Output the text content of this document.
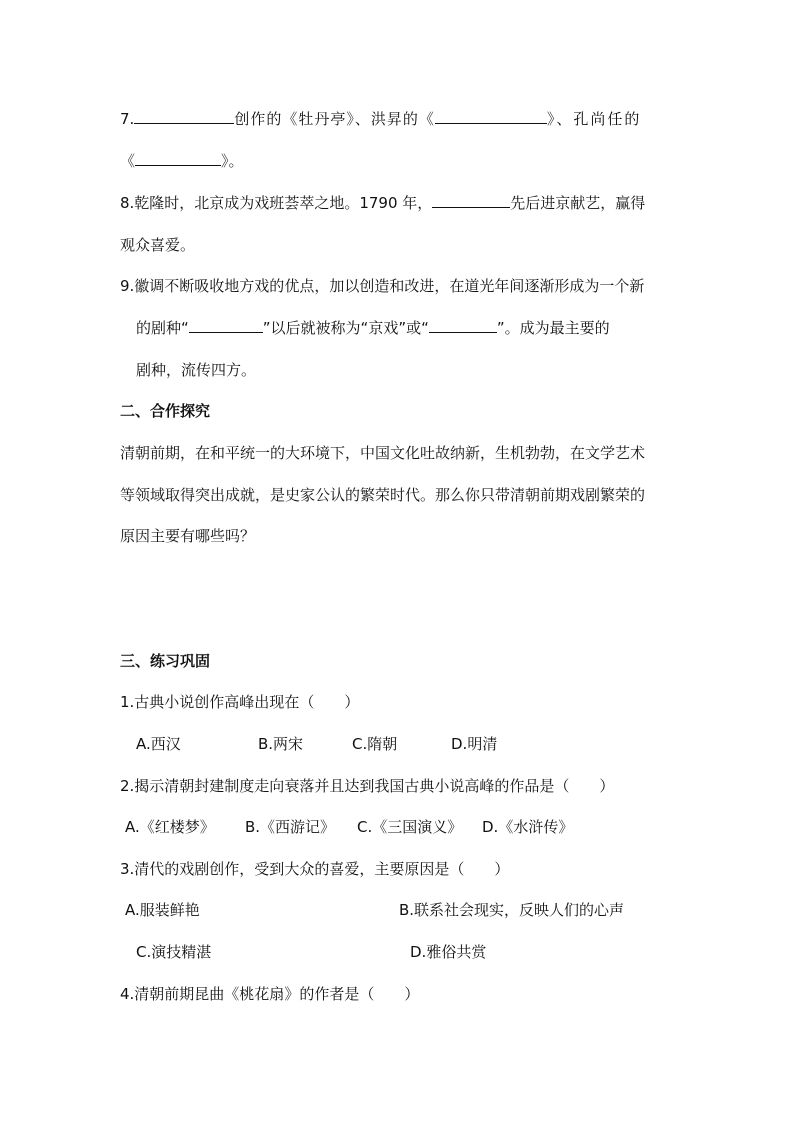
7.	创作的《牡丹亭》、洪昇的《	》、孔尚任的
《	》。
8.乾隆时，北京成为戏班荟萃之地。1790 年，	先后进京献艺，赢得
观众喜爱。
9.徽调不断吸收地方戏的优点，加以创造和改进，在道光年间逐渐形成为一个新
的剧种“	”以后就被称为“京戏”或“	”。成为最主要的
剧种，流传四方。
二、合作探究
清朝前期，在和平统一的大环境下，中国文化吐故纳新，生机勃勃，在文学艺术
等领域取得突出成就，是史家公认的繁荣时代。那么你只带清朝前期戏剧繁荣的
原因主要有哪些吗？
三、练习巩固
1.古典小说创作高峰出现在（　　）
A.西汉	B.两宋	C.隋朝	D.明清
2.揭示清朝封建制度走向衰落并且达到我国古典小说高峰的作品是（　　）
A.《红楼梦》 B.《西游记》 C.《三国演义》 D.《水浒传》
3.清代的戏剧创作，受到大众的喜爱，主要原因是（　　）
A.服装鲜艳	B.联系社会现实，反映人们的心声
C.演技精湛	D.雅俗共赏
4.清朝前期昆曲《桃花扇》的作者是（　　）
